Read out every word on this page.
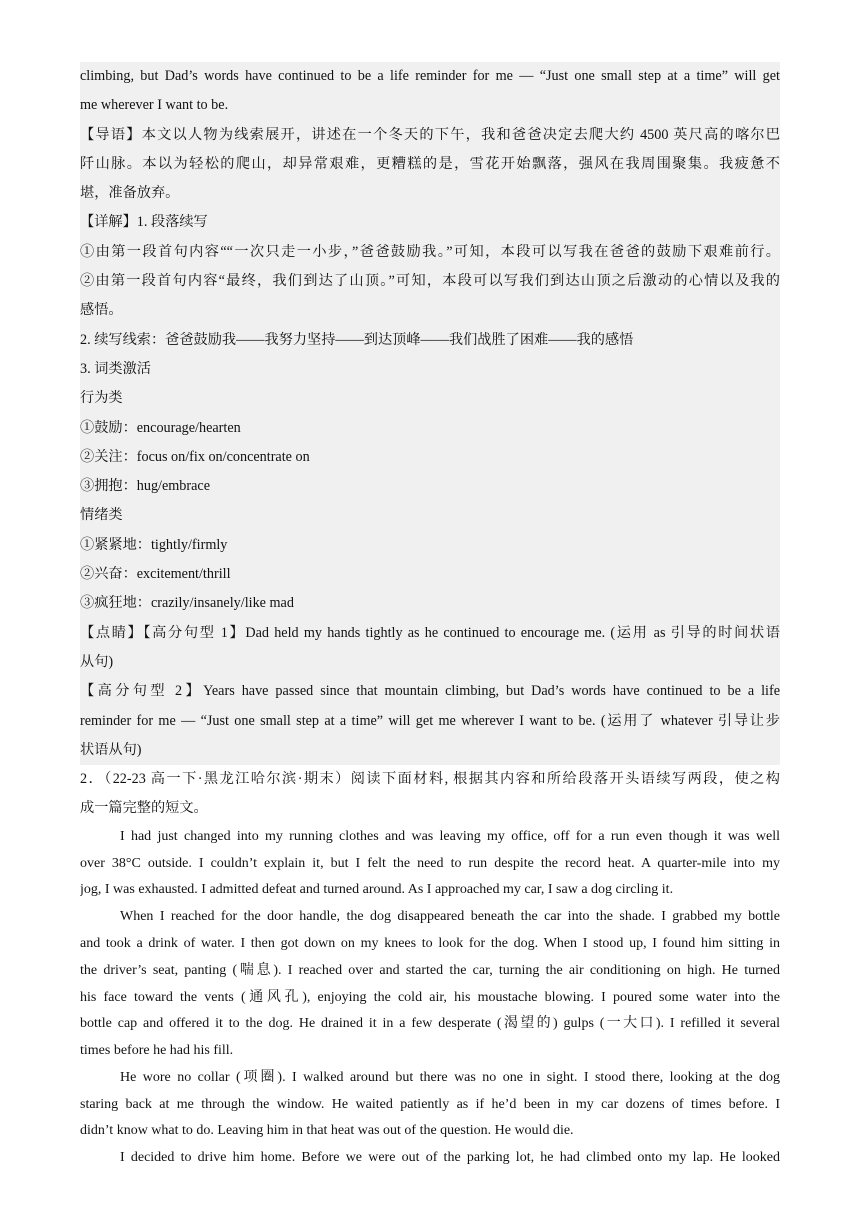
climbing, but Dad’s words have continued to be a life reminder for me — “Just one small step at a time” will get
me wherever I want to be.
【导语】本文以人物为线索展开，讲述在一个冬天的下午，我和爸爸决定去爬大约 4500 英尺高的喀尔巴
阡山脉。本以为轻松的爬山，却异常艰难，更糟糕的是，雪花开始飘落，强风在我周围聚集。我疲惫不
堪，准备放弃。
【详解】1. 段落续写
①由第一段首句内容““一次只走一小步，”爸爸鼓励我。”可知，本段可以写我在爸爸的鼓励下艰难前行。
②由第一段首句内容“最终，我们到达了山顶。”可知，本段可以写我们到达山顶之后激动的心情以及我的
感悟。
2. 续写线索：爸爸鼓励我——我努力坚持——到达顶峰——我们战胜了困难——我的感悟
3. 词类激活
行为类
①鼓励：encourage/hearten
②关注：focus on/fix on/concentrate on
③拥抱：hug/embrace
情绪类
①紧紧地：tightly/firmly
②兴奋：excitement/thrill
③疯狂地：crazily/insanely/like mad
【点睛】【高分句型 1】Dad held my hands tightly as he continued to encourage me. (运用 as 引导的时间状语
从句)
【高分句型 2】Years have passed since that mountain climbing, but Dad’s words have continued to be a life
reminder for me — “Just one small step at a time” will get me wherever I want to be. (运用了 whatever 引导让步
状语从句)
2．（22-23 高一下·黑龙江哈尔滨·期末）阅读下面材料, 根据其内容和所给段落开头语续写两段，使之构
成一篇完整的短文。
I had just changed into my running clothes and was leaving my office, off for a run even though it was well
over 38°C outside. I couldn’t explain it, but I felt the need to run despite the record heat. A quarter-mile into my
jog, I was exhausted. I admitted defeat and turned around. As I approached my car, I saw a dog circling it.
When I reached for the door handle, the dog disappeared beneath the car into the shade. I grabbed my bottle
and took a drink of water. I then got down on my knees to look for the dog. When I stood up, I found him sitting in
the driver’s seat, panting (喘息). I reached over and started the car, turning the air conditioning on high. He turned
his face toward the vents (通风孔), enjoying the cold air, his moustache blowing. I poured some water into the
bottle cap and offered it to the dog. He drained it in a few desperate (渴望的) gulps (一大口). I refilled it several
times before he had his fill.
He wore no collar (项圈). I walked around but there was no one in sight. I stood there, looking at the dog
staring back at me through the window. He waited patiently as if he’d been in my car dozens of times before. I
didn’t know what to do. Leaving him in that heat was out of the question. He would die.
I decided to drive him home. Before we were out of the parking lot, he had climbed onto my lap. He looked
